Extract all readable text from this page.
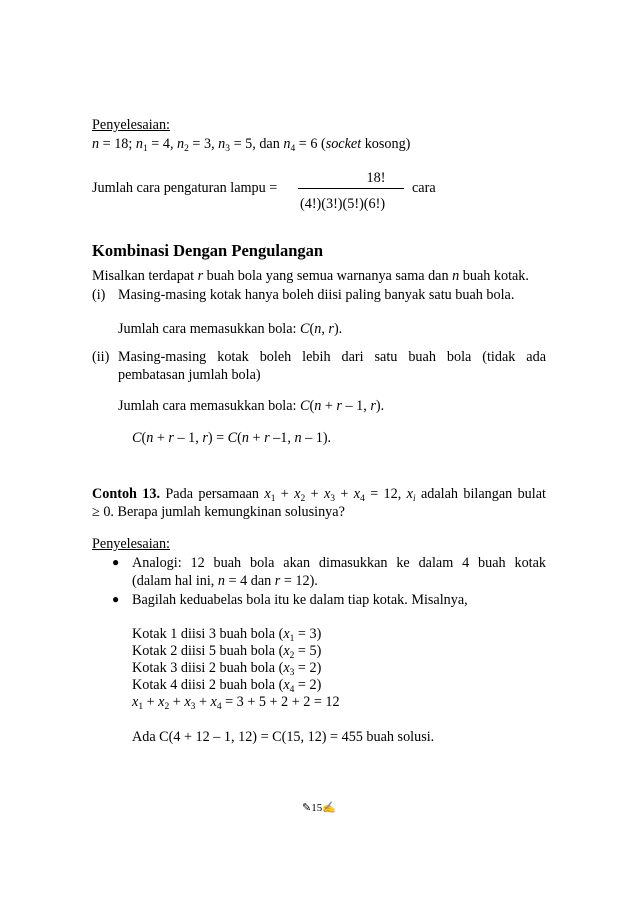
Penyelesaian:
n = 18; $n_1 = 4$, $n_2 = 3$, $n_3 = 5$, dan $n_4 = 6$ (socket kosong)
Jumlah cara pengaturan lampu =
18!
(4!)(3!)(5!)(6!)
cara
Kombinasi Dengan Pengulangan
Misalkan terdapat r buah bola yang semua warnanya sama dan n buah kotak.
(i) Masing-masing kotak hanya boleh diisi paling banyak satu buah bola.
Jumlah cara memasukkan bola: C(n, r).
(ii) Masing-masing kotak boleh lebih dari satu buah bola (tidak ada
pembatasan jumlah bola)
Jumlah cara memasukkan bola: C(n + r – 1, r).
C(n + r – 1, r) = C(n + r –1, n – 1).
Contoh 13. Pada persamaan $x_1 + x_2 + x_3 + x_4 = 12$, $x_i$ adalah bilangan bulat
≥ 0. Berapa jumlah kemungkinan solusinya?
Penyelesaian:
● Analogi: 12 buah bola akan dimasukkan ke dalam 4 buah kotak
(dalam hal ini, n = 4 dan r = 12).
● Bagilah keduabelas bola itu ke dalam tiap kotak. Misalnya,
Kotak 1 diisi 3 buah bola $(x_1 = 3)$
Kotak 2 diisi 5 buah bola $(x_2 = 5)$
Kotak 3 diisi 2 buah bola $(x_3 = 2)$
Kotak 4 diisi 2 buah bola $(x_4 = 2)$
$x_1 + x_2 + x_3 + x_4 = 3 + 5 + 2 + 2 = 12$
Ada C(4 + 12 – 1, 12) = C(15, 12) = 455 buah solusi.
✎15✍
